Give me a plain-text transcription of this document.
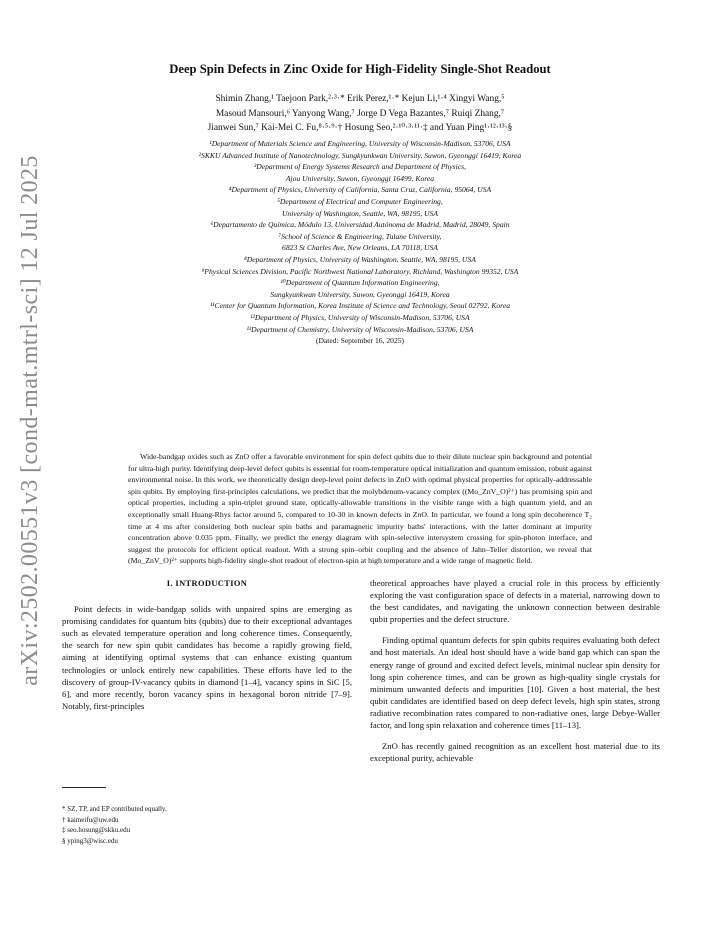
arXiv:2502.00551v3 [cond-mat.mtrl-sci] 12 Jul 2025
Deep Spin Defects in Zinc Oxide for High-Fidelity Single-Shot Readout
Shimin Zhang,¹ Taejoon Park,²·³·* Erik Perez,¹·* Kejun Li,¹·⁴ Xingyi Wang,⁵
Masoud Mansouri,⁶ Yanyong Wang,⁷ Jorge D Vega Bazantes,⁷ Ruiqi Zhang,⁷
Jianwei Sun,⁷ Kai-Mei C. Fu,⁸·⁵·⁹·† Hosung Seo,²·¹⁰·³·¹¹·‡ and Yuan Ping¹·¹²·¹³·§
¹Department of Materials Science and Engineering, University of Wisconsin-Madison, 53706, USA
²SKKU Advanced Institute of Nanotechnology, Sungkyunkwan University, Suwon, Gyeonggi 16419, Korea
³Department of Energy Systems Research and Department of Physics,
Ajou University, Suwon, Gyeonggi 16499, Korea
⁴Department of Physics, University of California, Santa Cruz, California, 95064, USA
⁵Department of Electrical and Computer Engineering,
University of Washington, Seattle, WA, 98195, USA
⁶Departamento de Química, Módulo 13, Universidad Autónoma de Madrid, Madrid, 28049, Spain
⁷School of Science & Engineering, Tulane University,
6823 St Charles Ave, New Orleans, LA 70118, USA
⁸Department of Physics, University of Washington, Seattle, WA, 98195, USA
⁹Physical Sciences Division, Pacific Northwest National Laboratory, Richland, Washington 99352, USA
¹⁰Department of Quantum Information Engineering,
Sungkyunkwan University, Suwon, Gyeonggi 16419, Korea
¹¹Center for Quantum Information, Korea Institute of Science and Technology, Seoul 02792, Korea
¹²Department of Physics, University of Wisconsin-Madison, 53706, USA
¹³Department of Chemistry, University of Wisconsin-Madison, 53706, USA
(Dated: September 16, 2025)

Wide-bandgap oxides such as ZnO offer a favorable environment for spin defect qubits due to their dilute nuclear spin background and potential for ultra-high purity. Identifying deep-level defect qubits is essential for room-temperature optical initialization and quantum emission, robust against environmental noise. In this work, we theoretically design deep-level point defects in ZnO with optimal physical properties for optically-addressable spin qubits. By employing first-principles calculations, we predict that the molybdenum-vacancy complex ((Mo_ZnV_O)²⁺) has promising spin and optical properties, including a spin-triplet ground state, optically-allowable transitions in the visible range with a high quantum yield, and an exceptionally small Huang-Rhys factor around 5, compared to 10-30 in known defects in ZnO. In particular, we found a long spin decoherence T₂ time at 4 ms after considering both nuclear spin baths and paramagnetic impurity baths' interactions, with the latter dominant at impurity concentration above 0.035 ppm. Finally, we predict the energy diagram with spin-selective intersystem crossing for spin-photon interface, and suggest the protocols for efficient optical readout. With a strong spin–orbit coupling and the absence of Jahn–Teller distortion, we reveal that (Mo_ZnV_O)²⁺ supports high-fidelity single-shot readout of electron-spin at high temperature and a wide range of magnetic field.

I. INTRODUCTION

Point defects in wide-bandgap solids with unpaired spins are emerging as promising candidates for quantum bits (qubits) due to their exceptional advantages such as elevated temperature operation and long coherence times. Consequently, the search for new spin qubit candidates has become a rapidly growing field, aiming at identifying optimal systems that can enhance existing quantum technologies or unlock entirely new capabilities. These efforts have led to the discovery of group-IV-vacancy qubits in diamond [1–4], vacancy spins in SiC [5, 6], and more recently, boron vacancy spins in hexagonal boron nitride [7–9]. Notably, first-principles

theoretical approaches have played a crucial role in this process by efficiently exploring the vast configuration space of defects in a material, narrowing down to the best candidates, and navigating the unknown connection between desirable qubit properties and the defect structure.

Finding optimal quantum defects for spin qubits requires evaluating both defect and host materials. An ideal host should have a wide band gap which can span the energy range of ground and excited defect levels, minimal nuclear spin density for long spin coherence times, and can be grown as high-quality single crystals for minimum unwanted defects and impurities [10]. Given a host material, the best qubit candidates are identified based on deep defect levels, high spin states, strong radiative recombination rates compared to non-radiative ones, large Debye-Waller factor, and long spin relaxation and coherence times [11–13].

ZnO has recently gained recognition as an excellent host material due to its exceptional purity, achievable

* SZ, TP, and EP contributed equally.
† kaimeifu@uw.edu
‡ seo.hosung@skku.edu
§ yping3@wisc.edu
